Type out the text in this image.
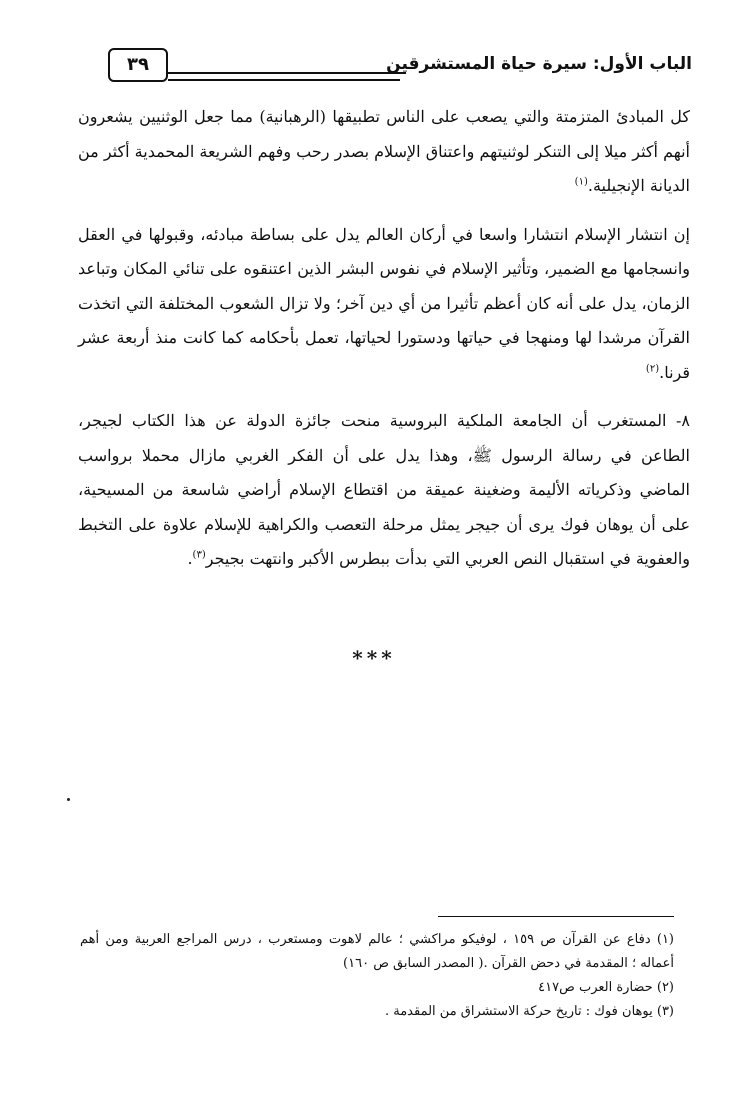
الباب الأول: سيرة حياة المستشرقين
٣٩

كل المبادئ المتزمتة والتي يصعب على الناس تطبيقها (الرهبانية) مما جعل الوثنيين يشعرون أنهم أكثر ميلا إلى التنكر لوثنيتهم واعتناق الإسلام بصدر رحب وفهم الشريعة المحمدية أكثر من الديانة الإنجيلية.$^{(١)}$

إن انتشار الإسلام انتشارا واسعا في أركان العالم يدل على بساطة مبادئه، وقبولها في العقل وانسجامها مع الضمير، وتأثير الإسلام في نفوس البشر الذين اعتنقوه على تنائي المكان وتباعد الزمان، يدل على أنه كان أعظم تأثيرا من أي دين آخر؛ ولا تزال الشعوب المختلفة التي اتخذت القرآن مرشدا لها ومنهجا في حياتها ودستورا لحياتها، تعمل بأحكامه كما كانت منذ أربعة عشر قرنا.$^{(٢)}$

٨- المستغرب أن الجامعة الملكية البروسية منحت جائزة الدولة عن هذا الكتاب لجيجر، الطاعن في رسالة الرسول ﷺ، وهذا يدل على أن الفكر الغربي مازال محملا برواسب الماضي وذكرياته الأليمة وضغينة عميقة من اقتطاع الإسلام أراضي شاسعة من المسيحية، على أن يوهان فوك يرى أن جيجر يمثل مرحلة التعصب والكراهية للإسلام علاوة على التخبط والعفوية في استقبال النص العربي التي بدأت ببطرس الأكبر وانتهت بجيجر$^{(٣)}$.

***

(١) دفاع عن القرآن ص ١٥٩ ، لوفيكو مراكشي ؛ عالم لاهوت ومستعرب ، درس المراجع العربية ومن أهم أعماله ؛ المقدمة في دحض القرآن .( المصدر السابق ص ١٦٠)

(٢) حضارة العرب ص٤١٧

(٣) يوهان فوك : تاريخ حركة الاستشراق من المقدمة .
